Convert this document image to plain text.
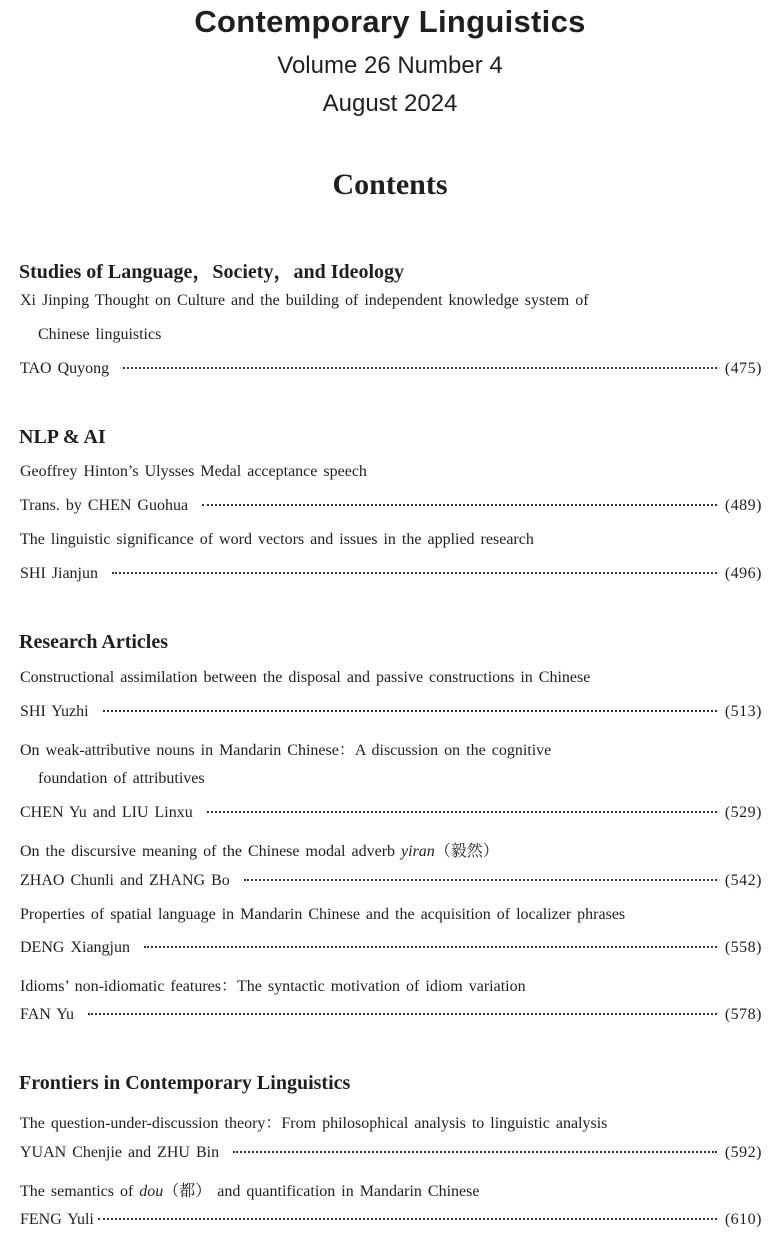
Contemporary Linguistics
Volume 26 Number 4
August 2024
Contents
Studies of Language，Society，and Ideology
Xi Jinping Thought on Culture and the building of independent knowledge system of
Chinese linguistics
TAO Quyong	(475)
NLP & AI
Geoffrey Hinton’s Ulysses Medal acceptance speech
Trans. by CHEN Guohua	(489)
The linguistic significance of word vectors and issues in the applied research
SHI Jianjun	(496)
Research Articles
Constructional assimilation between the disposal and passive constructions in Chinese
SHI Yuzhi	(513)
On weak-attributive nouns in Mandarin Chinese：A discussion on the cognitive
foundation of attributives
CHEN Yu and LIU Linxu	(529)
On the discursive meaning of the Chinese modal adverb yiran（毅然）
ZHAO Chunli and ZHANG Bo	(542)
Properties of spatial language in Mandarin Chinese and the acquisition of localizer phrases
DENG Xiangjun	(558)
Idioms’ non-idiomatic features：The syntactic motivation of idiom variation
FAN Yu	(578)
Frontiers in Contemporary Linguistics
The question-under-discussion theory：From philosophical analysis to linguistic analysis
YUAN Chenjie and ZHU Bin	(592)
The semantics of dou（都） and quantification in Mandarin Chinese
FENG Yuli	(610)
